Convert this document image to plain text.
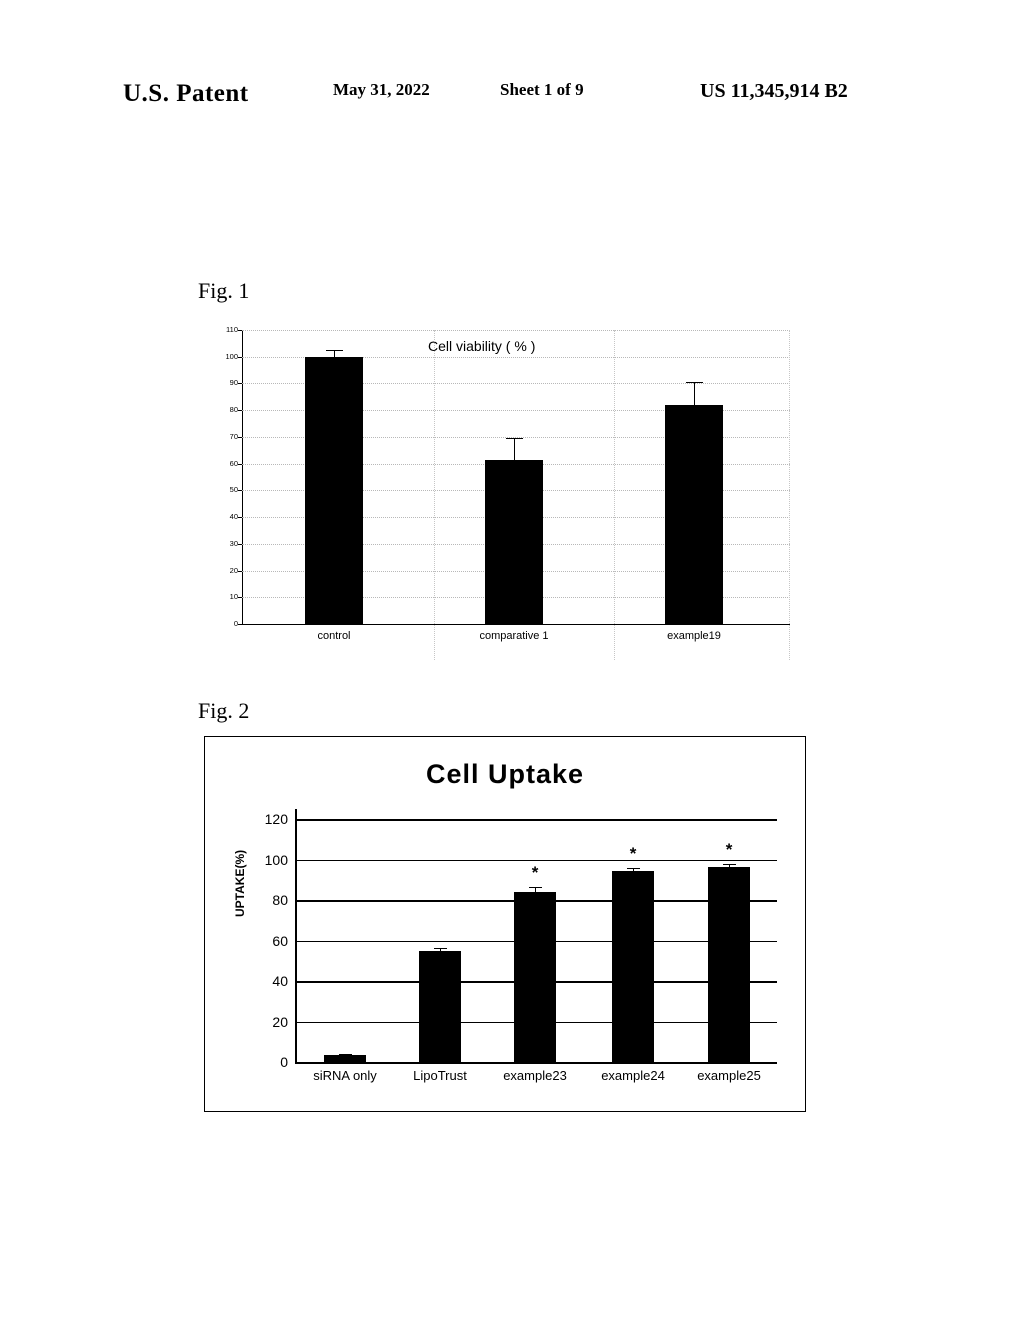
U.S. Patent	May 31, 2022	Sheet 1 of 9	US 11,345,914 B2
Fig. 1
Cell viability ( % )
0
10
20
30
40
50
60
70
80
90
100
110
control	comparative 1	example19
Fig. 2
Cell Uptake
UPTAKE(%)
0
20
40
60
80
100
120
siRNA only	LipoTrust
*
example23
*
example24
*
example25
